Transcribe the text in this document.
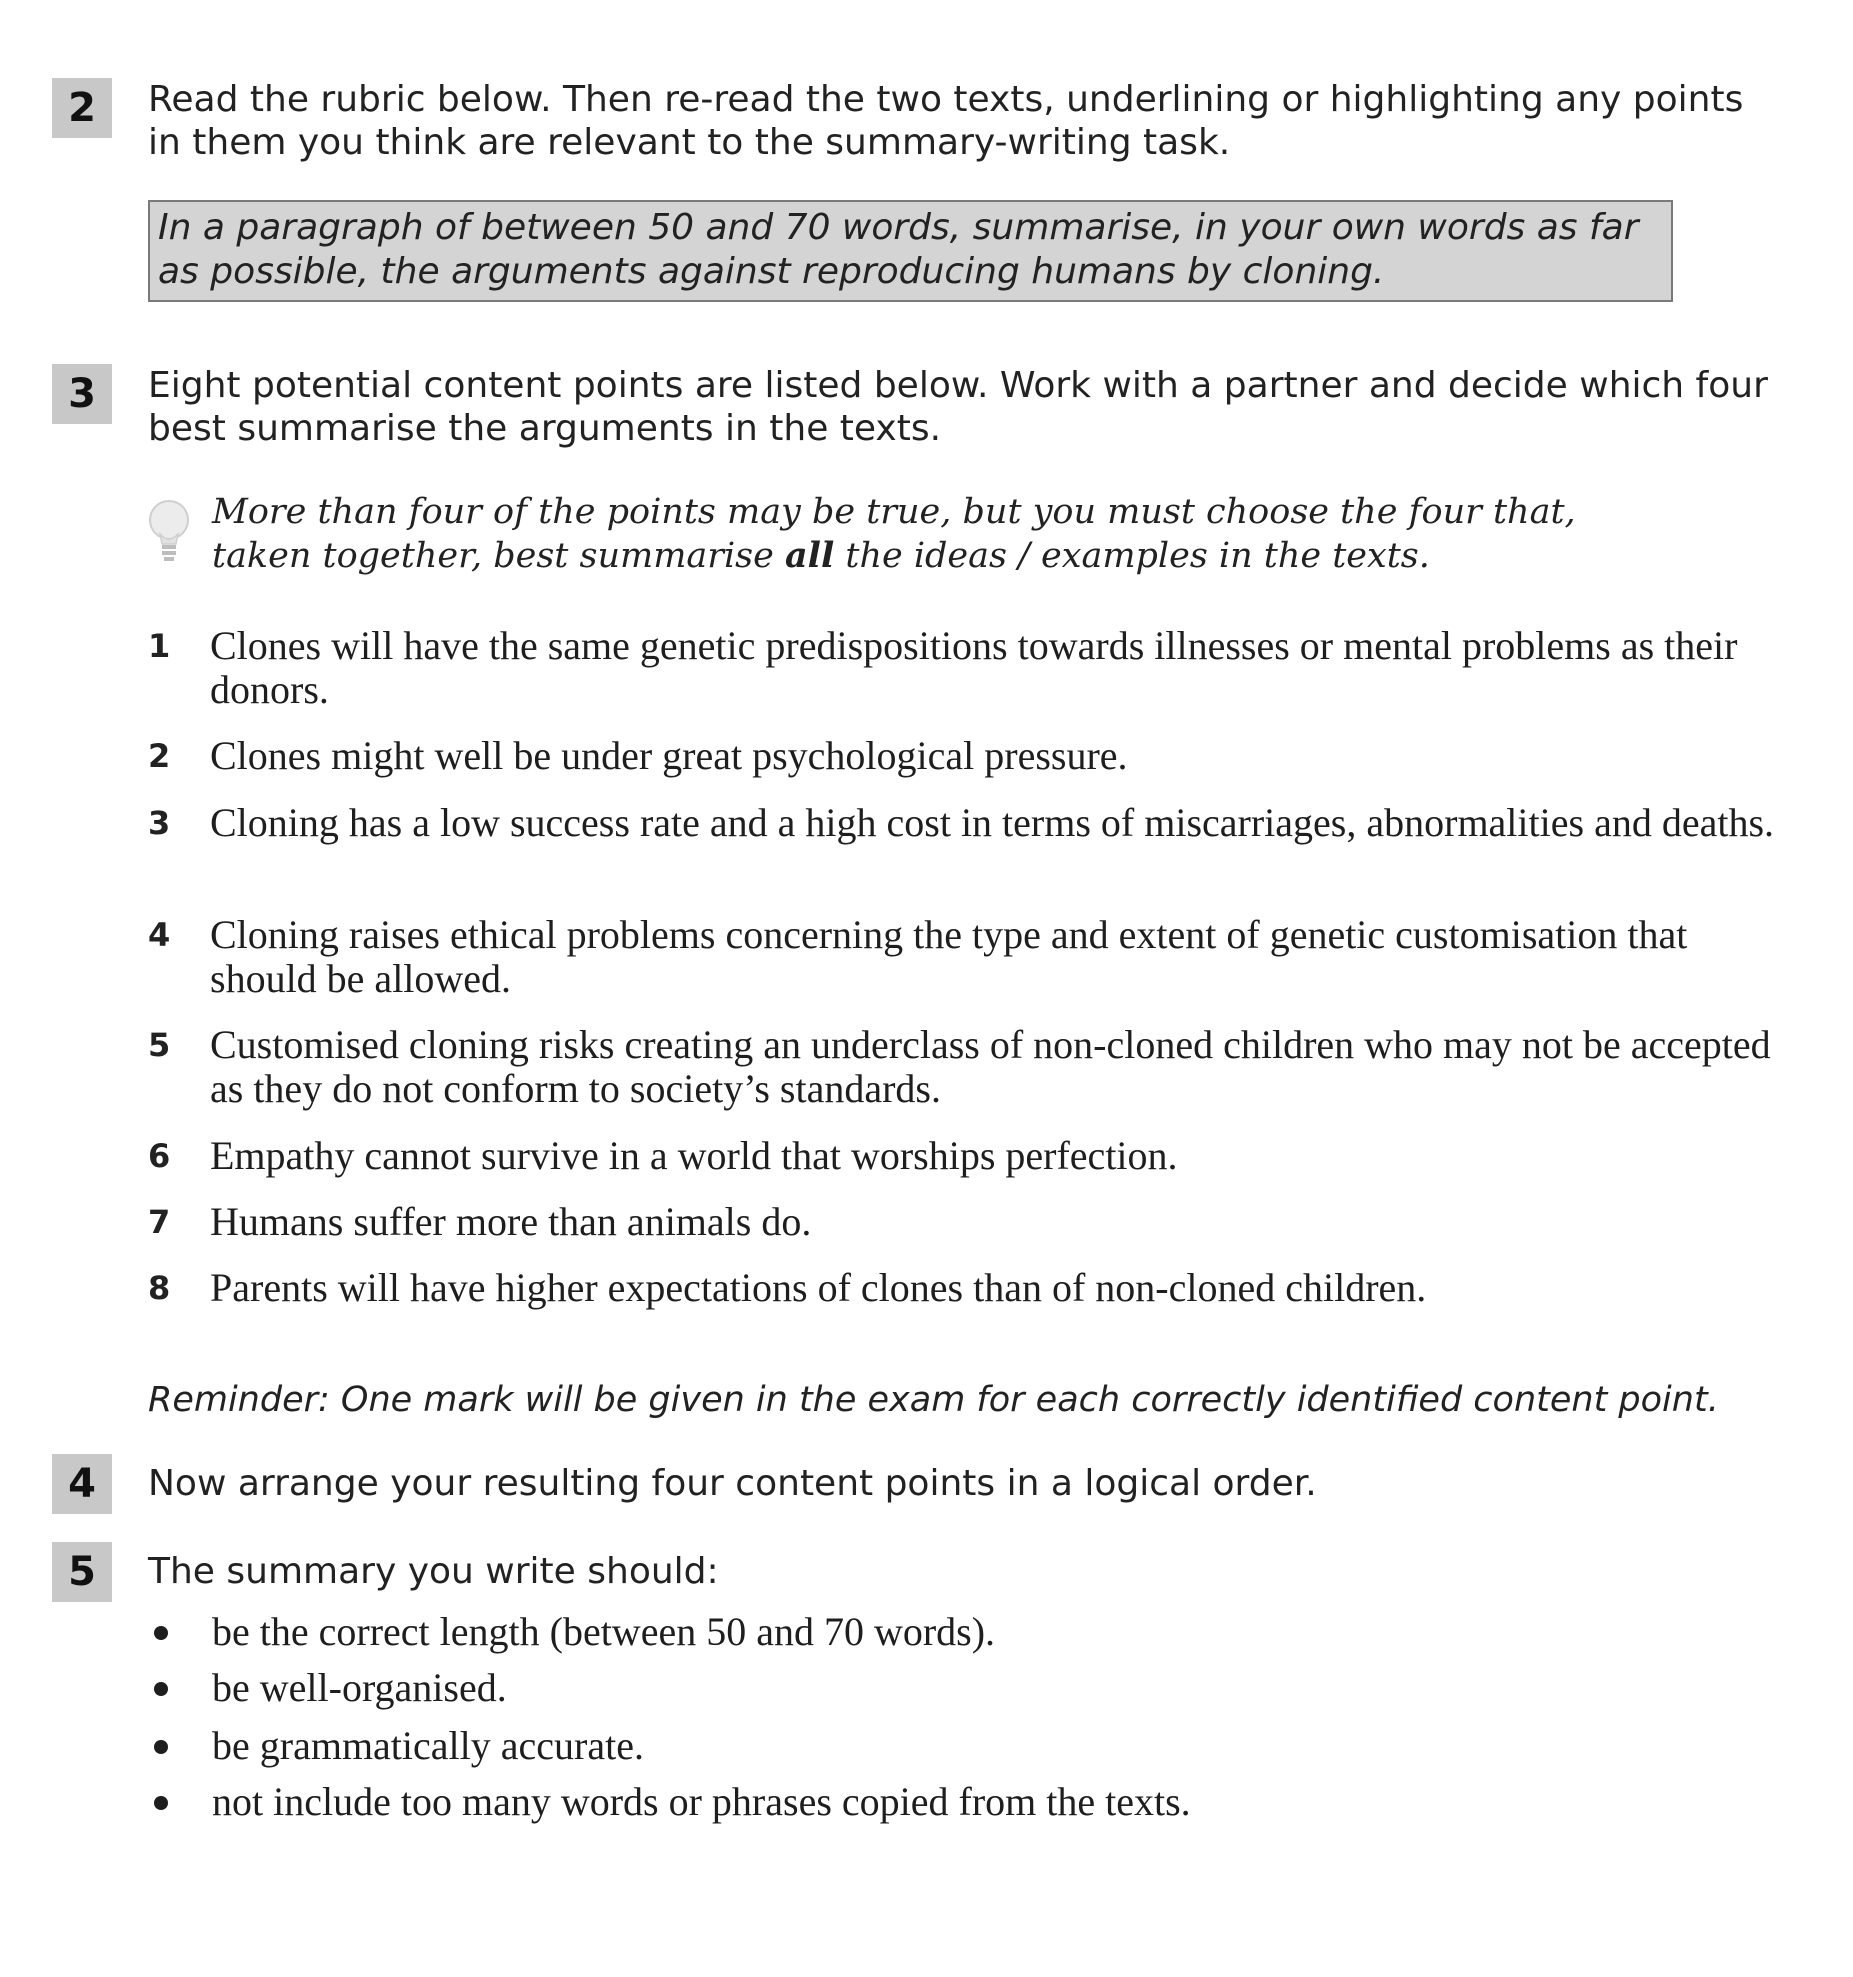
2	Read the rubric below. Then re-read the two texts, underlining or highlighting any points in them you think are relevant to the summary-writing task.
In a paragraph of between 50 and 70 words, summarise, in your own words as far as possible, the arguments against reproducing humans by cloning.
3	Eight potential content points are listed below. Work with a partner and decide which four best summarise the arguments in the texts.
More than four of the points may be true, but you must choose the four that, taken together, best summarise all the ideas / examples in the texts.
1 Clones will have the same genetic predispositions towards illnesses or mental problems as their donors.
2 Clones might well be under great psychological pressure.
3 Cloning has a low success rate and a high cost in terms of miscarriages, abnormalities and deaths.
4 Cloning raises ethical problems concerning the type and extent of genetic customisation that should be allowed.
5 Customised cloning risks creating an underclass of non-cloned children who may not be accepted as they do not conform to society’s standards.
6 Empathy cannot survive in a world that worships perfection.
7 Humans suffer more than animals do.
8 Parents will have higher expectations of clones than of non-cloned children.
Reminder: One mark will be given in the exam for each correctly identified content point.
4	Now arrange your resulting four content points in a logical order.
5	The summary you write should:
be the correct length (between 50 and 70 words).
be well-organised.
be grammatically accurate.
not include too many words or phrases copied from the texts.
